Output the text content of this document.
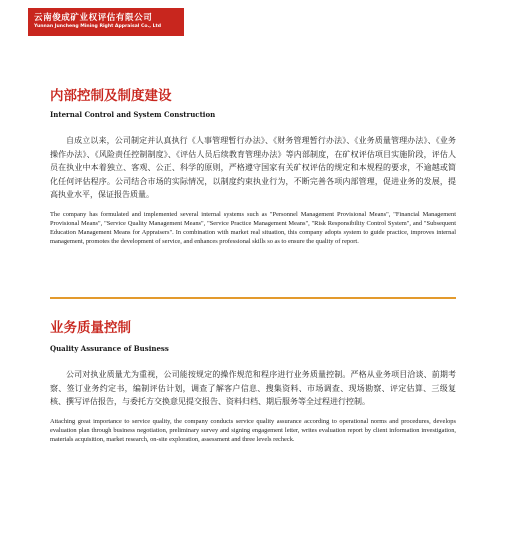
云南俊成矿业权评估有限公司
Yunnan Juncheng Mining Right Appraisal Co., Ltd
内部控制及制度建设

Internal Control and System Construction

自成立以来，公司制定并认真执行《人事管理暂行办法》、《财务管理暂行办法》、《业务质量管理办法》、《业务操作办法》、《风险责任控制制度》、《评估人员后续教育管理办法》等内部制度，在矿权评估项目实施阶段，评估人员在执业中本着独立、客观、公正、科学的原则，严格遵守国家有关矿权评估的规定和本规程的要求，不逾越或简化任何评估程序。公司结合市场的实际情况，以制度约束执业行为，不断完善各项内部管理，促进业务的发展，提高执业水平，保证报告质量。

The company has formulated and implemented several internal systems such as "Personnel Management Provisional Means", "Financial Management Provisional Means", "Service Quality Management Means", "Service Practice Management Means", "Risk Responsibility Control System", and "Subsequent Education Management Means for Appraisers". In combination with market real situation, this company adopts system to guide practice, improves internal management, promotes the development of service, and enhances professional skills so as to ensure the quality of report.

业务质量控制

Quality Assurance of Business

公司对执业质量尤为重视，公司能按规定的操作规范和程序进行业务质量控制。严格从业务项目洽谈、前期考察、签订业务约定书，编制评估计划，调查了解客户信息、搜集资料、市场调查、现场勘察、评定估算、三级复核、撰写评估报告，与委托方交换意见提交报告、资料归档、期后服务等全过程进行控制。

Attaching great importance to service quality, the company conducts service quality assurance according to operational norms and procedures, develops evaluation plan through business negotiation, preliminary survey and signing engagement letter, writes evaluation report by client information investigation, materials acquisition, market research, on-site exploration, assessment and three levels recheck.
